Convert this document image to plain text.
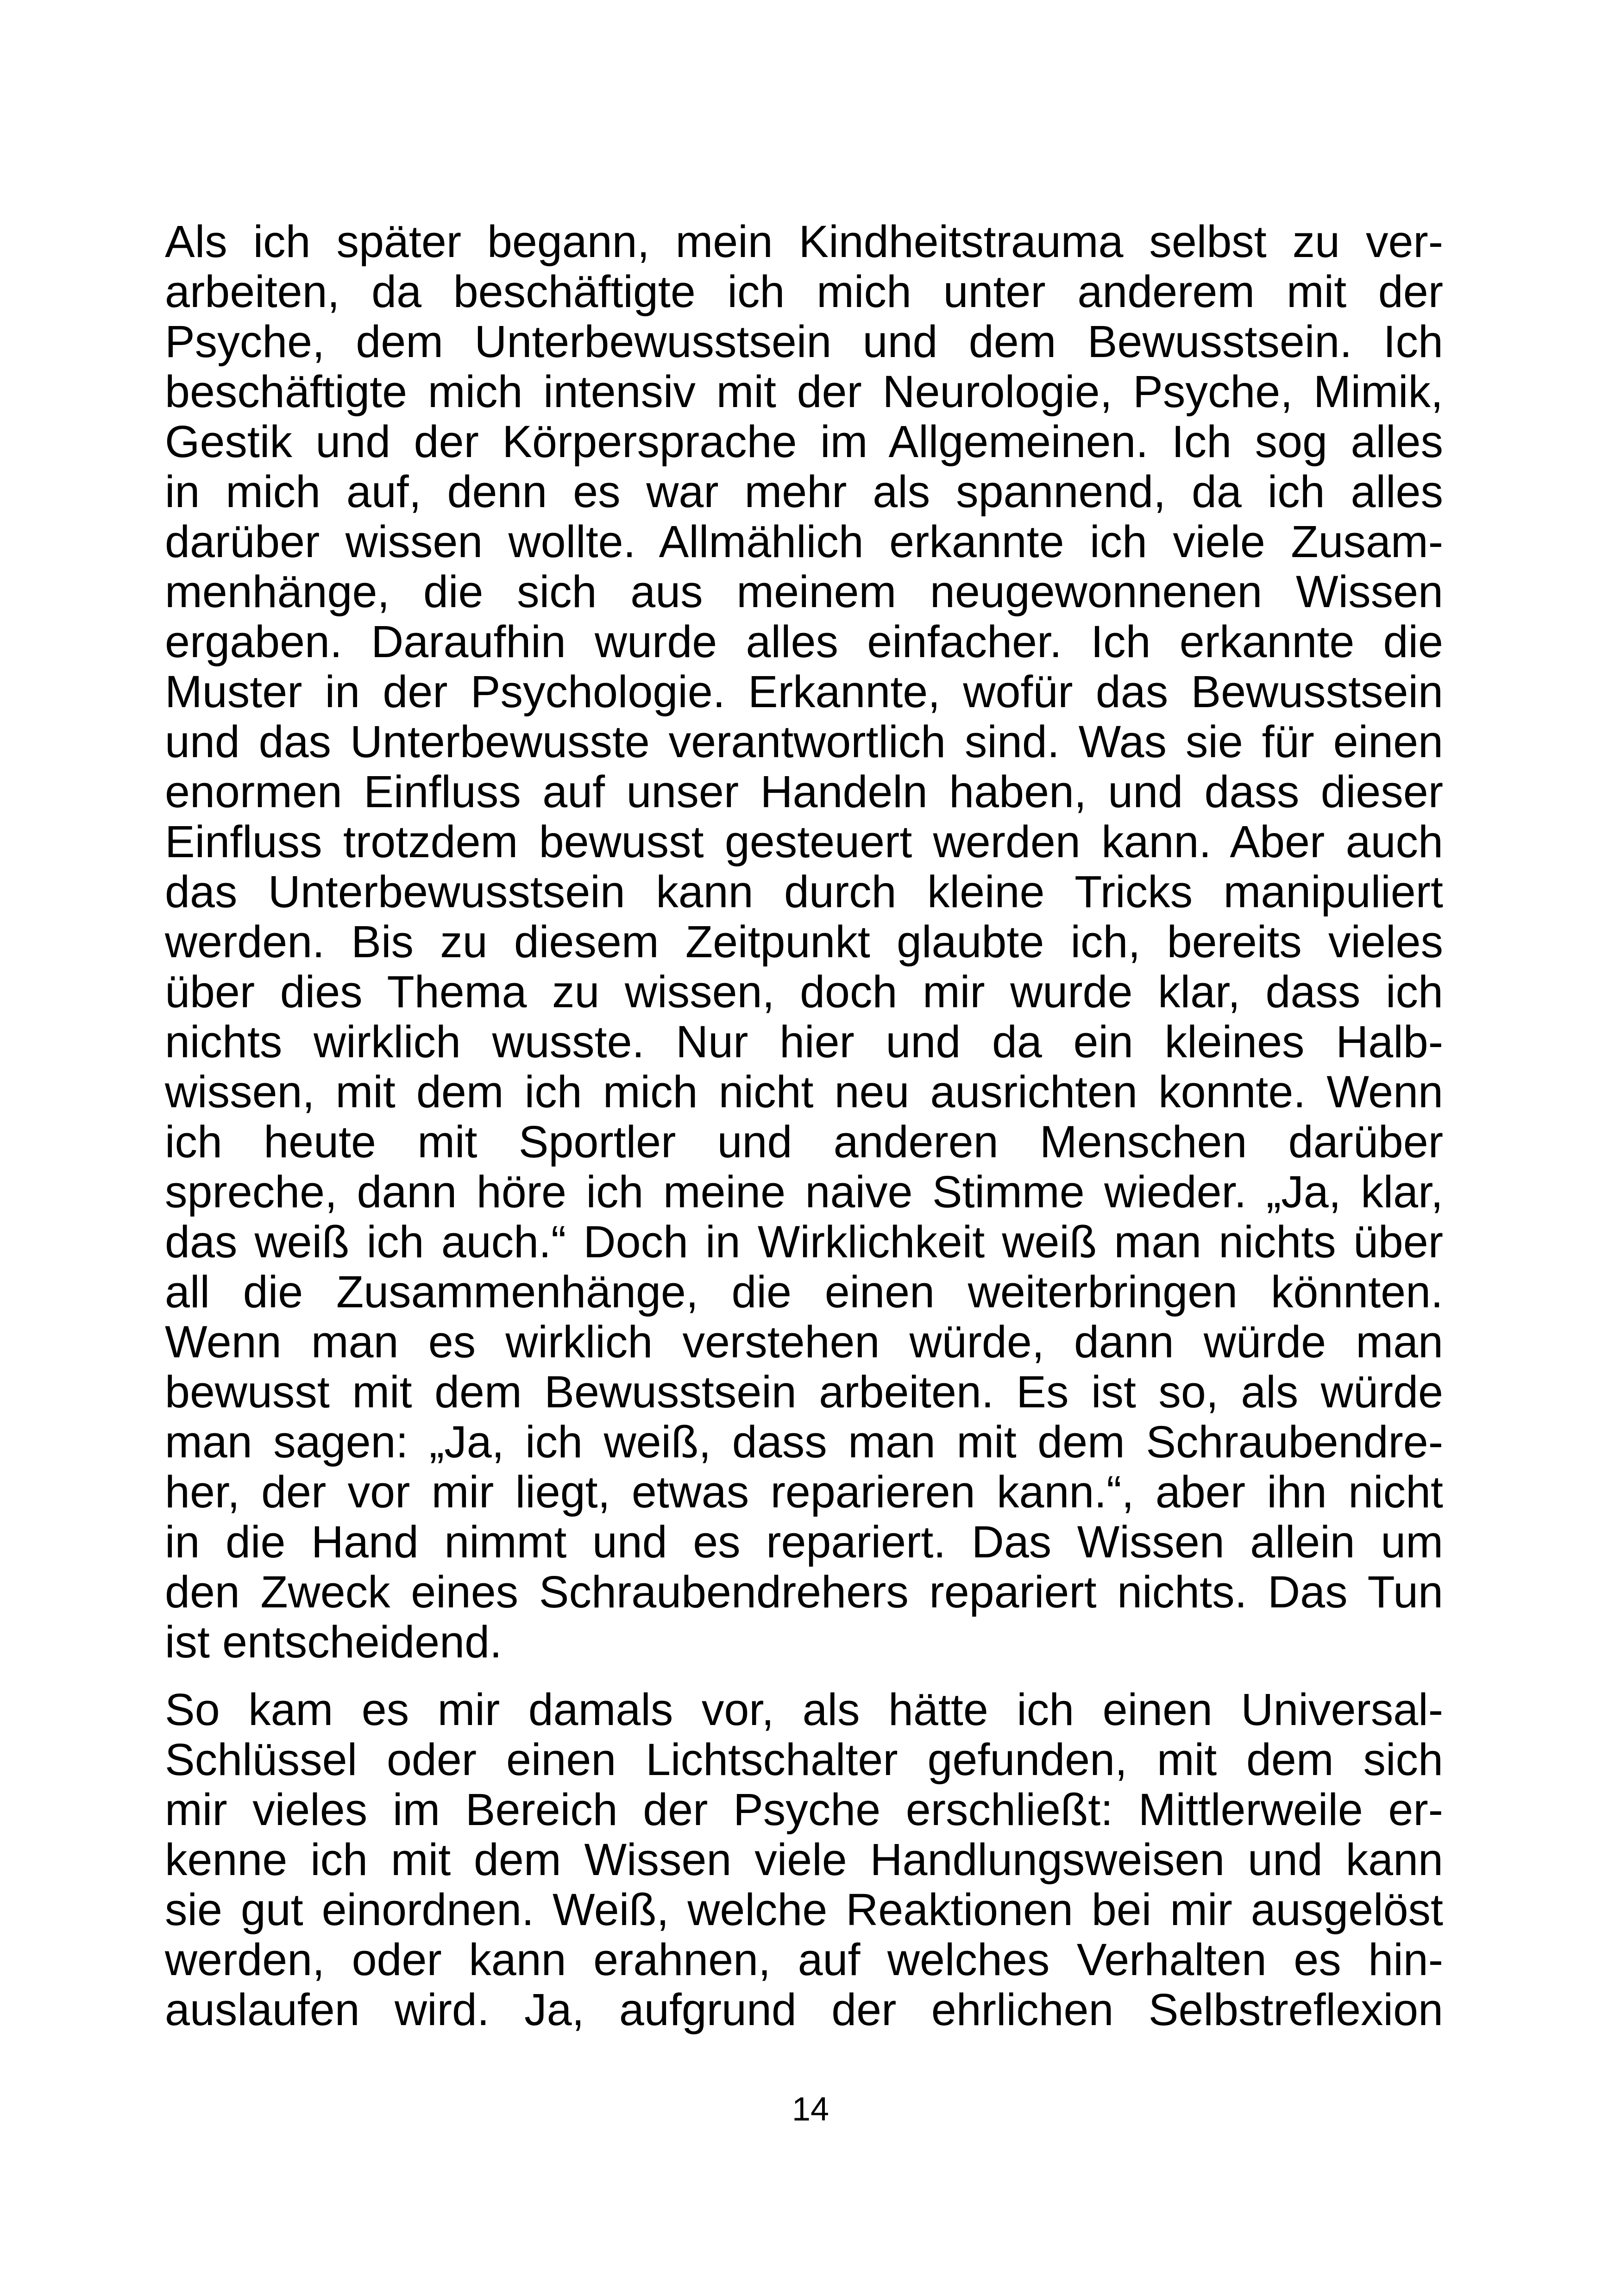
Als ich später begann, mein Kindheitstrauma selbst zu ver-
arbeiten, da beschäftigte ich mich unter anderem mit der
Psyche, dem Unterbewusstsein und dem Bewusstsein. Ich
beschäftigte mich intensiv mit der Neurologie, Psyche, Mimik,
Gestik und der Körpersprache im Allgemeinen. Ich sog alles
in mich auf, denn es war mehr als spannend, da ich alles
darüber wissen wollte. Allmählich erkannte ich viele Zusam-
menhänge, die sich aus meinem neugewonnenen Wissen
ergaben. Daraufhin wurde alles einfacher. Ich erkannte die
Muster in der Psychologie. Erkannte, wofür das Bewusstsein
und das Unterbewusste verantwortlich sind. Was sie für einen
enormen Einfluss auf unser Handeln haben, und dass dieser
Einfluss trotzdem bewusst gesteuert werden kann. Aber auch
das Unterbewusstsein kann durch kleine Tricks manipuliert
werden. Bis zu diesem Zeitpunkt glaubte ich, bereits vieles
über dies Thema zu wissen, doch mir wurde klar, dass ich
nichts wirklich wusste. Nur hier und da ein kleines Halb-
wissen, mit dem ich mich nicht neu ausrichten konnte. Wenn
ich heute mit Sportler und anderen Menschen darüber
spreche, dann höre ich meine naive Stimme wieder. „Ja, klar,
das weiß ich auch.“ Doch in Wirklichkeit weiß man nichts über
all die Zusammenhänge, die einen weiterbringen könnten.
Wenn man es wirklich verstehen würde, dann würde man
bewusst mit dem Bewusstsein arbeiten. Es ist so, als würde
man sagen: „Ja, ich weiß, dass man mit dem Schraubendre-
her, der vor mir liegt, etwas reparieren kann.“, aber ihn nicht
in die Hand nimmt und es repariert. Das Wissen allein um
den Zweck eines Schraubendrehers repariert nichts. Das Tun
ist entscheidend.
So kam es mir damals vor, als hätte ich einen Universal-
Schlüssel oder einen Lichtschalter gefunden, mit dem sich
mir vieles im Bereich der Psyche erschließt: Mittlerweile er-
kenne ich mit dem Wissen viele Handlungsweisen und kann
sie gut einordnen. Weiß, welche Reaktionen bei mir ausgelöst
werden, oder kann erahnen, auf welches Verhalten es hin-
auslaufen wird. Ja, aufgrund der ehrlichen Selbstreflexion
14
